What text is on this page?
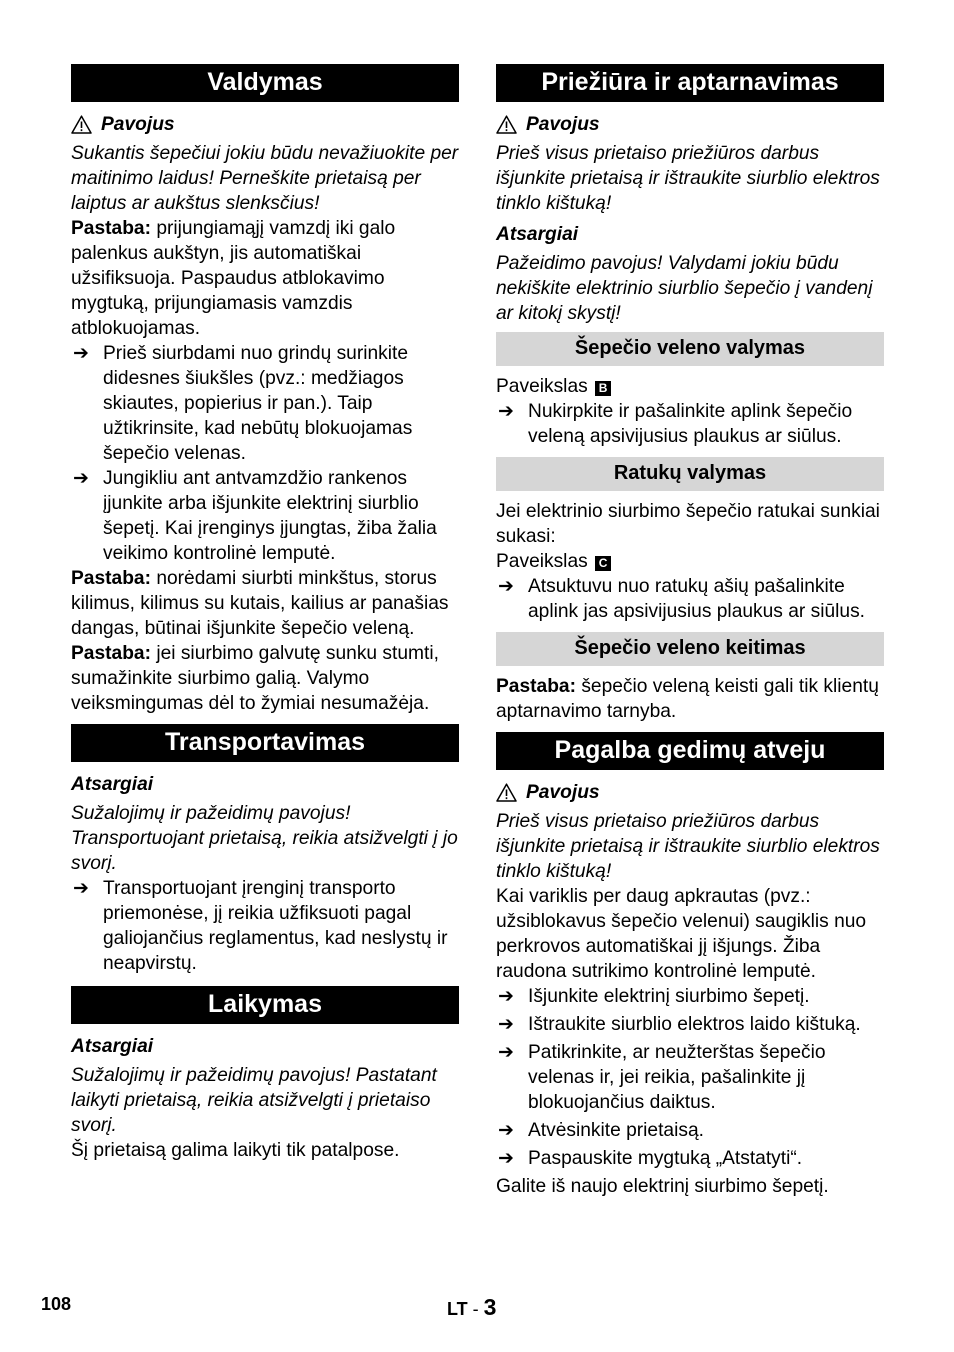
Valdymas
Pavojus

Sukantis šepečiui jokiu būdu nevažiuokite per maitinimo laidus! Perneškite prietaisą per laiptus ar aukštus slenksčius!

Pastaba: prijungiamąjį vamzdį iki galo palenkus aukštyn, jis automatiškai užsifiksuoja. Paspaudus atblokavimo mygtuką, prijungiamasis vamzdis atblokuojamas.

➔ Prieš siurbdami nuo grindų surinkite didesnes šiukšles (pvz.: medžiagos skiautes, popierius ir pan.). Taip užtikrinsite, kad nebūtų blokuojamas šepečio velenas.
➔ Jungikliu ant antvamzdžio rankenos įjunkite arba išjunkite elektrinį siurblio šepetį. Kai įrenginys įjungtas, žiba žalia veikimo kontrolinė lemputė.

Pastaba: norėdami siurbti minkštus, storus kilimus, kilimus su kutais, kailius ar panašias dangas, būtinai išjunkite šepečio veleną.

Pastaba: jei siurbimo galvutę sunku stumti, sumažinkite siurbimo galią. Valymo veiksmingumas dėl to žymiai nesumažėja.

Transportavimas

Atsargiai

Sužalojimų ir pažeidimų pavojus! Transportuojant prietaisą, reikia atsižvelgti į jo svorį.

➔ Transportuojant įrenginį transporto priemonėse, jį reikia užfiksuoti pagal galiojančius reglamentus, kad neslystų ir neapvirstų.
Laikymas

Atsargiai

Sužalojimų ir pažeidimų pavojus! Pastatant laikyti prietaisą, reikia atsižvelgti į prietaiso svorį.

Šį prietaisą galima laikyti tik patalpose.

Priežiūra ir aptarnavimas
Pavojus

Prieš visus prietaiso priežiūros darbus išjunkite prietaisą ir ištraukite siurblio elektros tinklo kištuką!

Atsargiai

Pažeidimo pavojus! Valydami jokiu būdu nekiškite elektrinio siurblio šepečio į vandenį ar kitokį skystį!

Šepečio veleno valymas

Paveikslas B

➔ Nukirpkite ir pašalinkite aplink šepečio veleną apsivijusius plaukus ar siūlus.
Ratukų valymas

Jei elektrinio siurbimo šepečio ratukai sunkiai sukasi:

Paveikslas C

➔ Atsuktuvu nuo ratukų ašių pašalinkite aplink jas apsivijusius plaukus ar siūlus.
Šepečio veleno keitimas

Pastaba: šepečio veleną keisti gali tik klientų aptarnavimo tarnyba.

Pagalba gedimų atveju
Pavojus

Prieš visus prietaiso priežiūros darbus išjunkite prietaisą ir ištraukite siurblio elektros tinklo kištuką!

Kai variklis per daug apkrautas (pvz.: užsiblokavus šepečio velenui) saugiklis nuo perkrovos automatiškai jį išjungs. Žiba raudona sutrikimo kontrolinė lemputė.

➔ Išjunkite elektrinį siurbimo šepetį.
➔ Ištraukite siurblio elektros laido kištuką.
➔ Patikrinkite, ar neužterštas šepečio velenas ir, jei reikia, pašalinkite jį blokuojančius daiktus.
➔ Atvėsinkite prietaisą.
➔ Paspauskite mygtuką „Atstatyti“.

Galite iš naujo elektrinį siurbimo šepetį.

108	LT - 3
